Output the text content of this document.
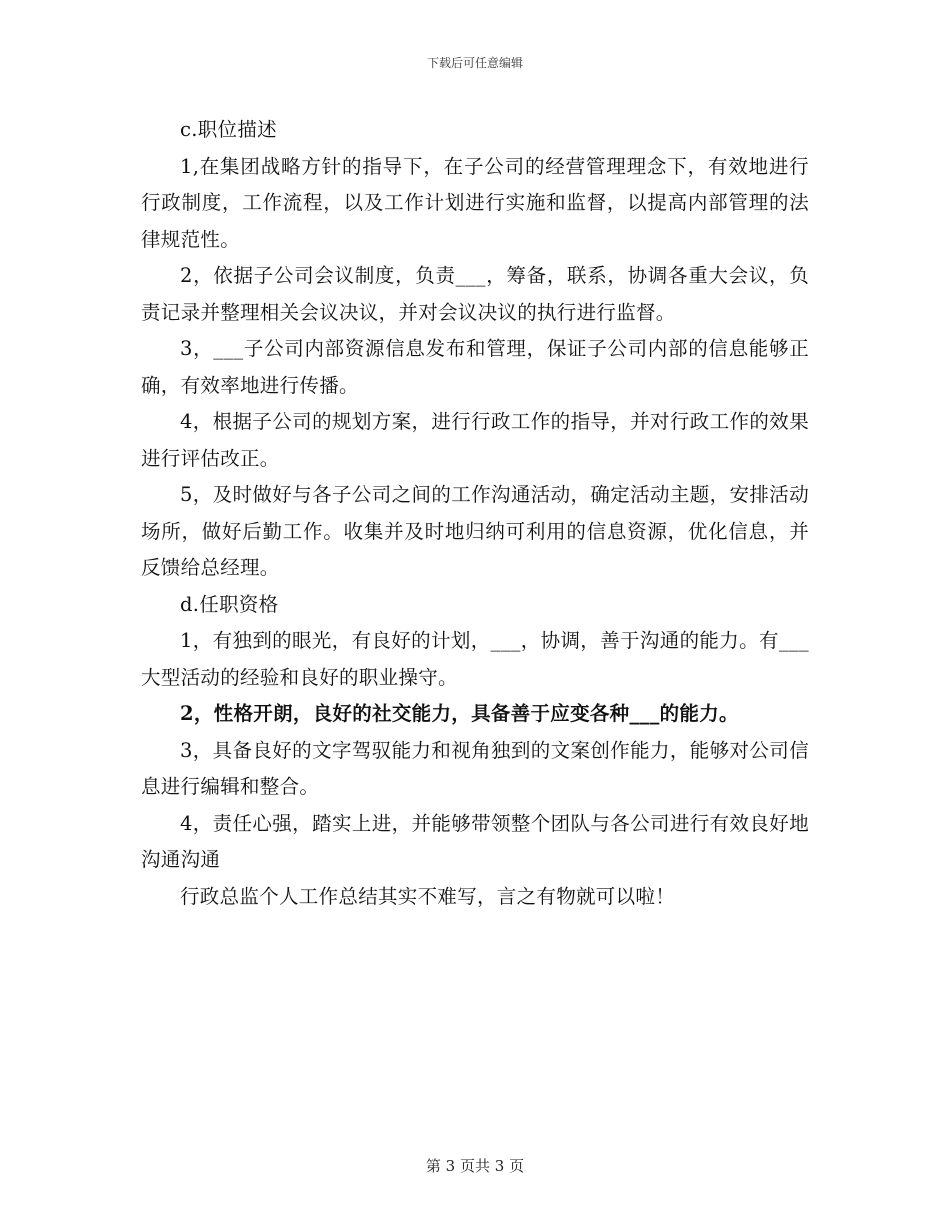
下载后可任意编辑

c.职位描述

1,在集团战略方针的指导下，在子公司的经营管理理念下，有效地进行行政制度，工作流程，以及工作计划进行实施和监督，以提高内部管理的法律规范性。

2，依据子公司会议制度，负责___，筹备，联系，协调各重大会议，负责记录并整理相关会议决议，并对会议决议的执行进行监督。

3，___子公司内部资源信息发布和管理，保证子公司内部的信息能够正确，有效率地进行传播。

4，根据子公司的规划方案，进行行政工作的指导，并对行政工作的效果进行评估改正。

5，及时做好与各子公司之间的工作沟通活动，确定活动主题，安排活动场所，做好后勤工作。收集并及时地归纳可利用的信息资源，优化信息，并反馈给总经理。

d.任职资格

1，有独到的眼光，有良好的计划，___，协调，善于沟通的能力。有___大型活动的经验和良好的职业操守。

2，性格开朗，良好的社交能力，具备善于应变各种___的能力。

3，具备良好的文字驾驭能力和视角独到的文案创作能力，能够对公司信息进行编辑和整合。

4，责任心强，踏实上进，并能够带领整个团队与各公司进行有效良好地沟通沟通

行政总监个人工作总结其实不难写，言之有物就可以啦！

第 3 页共 3 页
